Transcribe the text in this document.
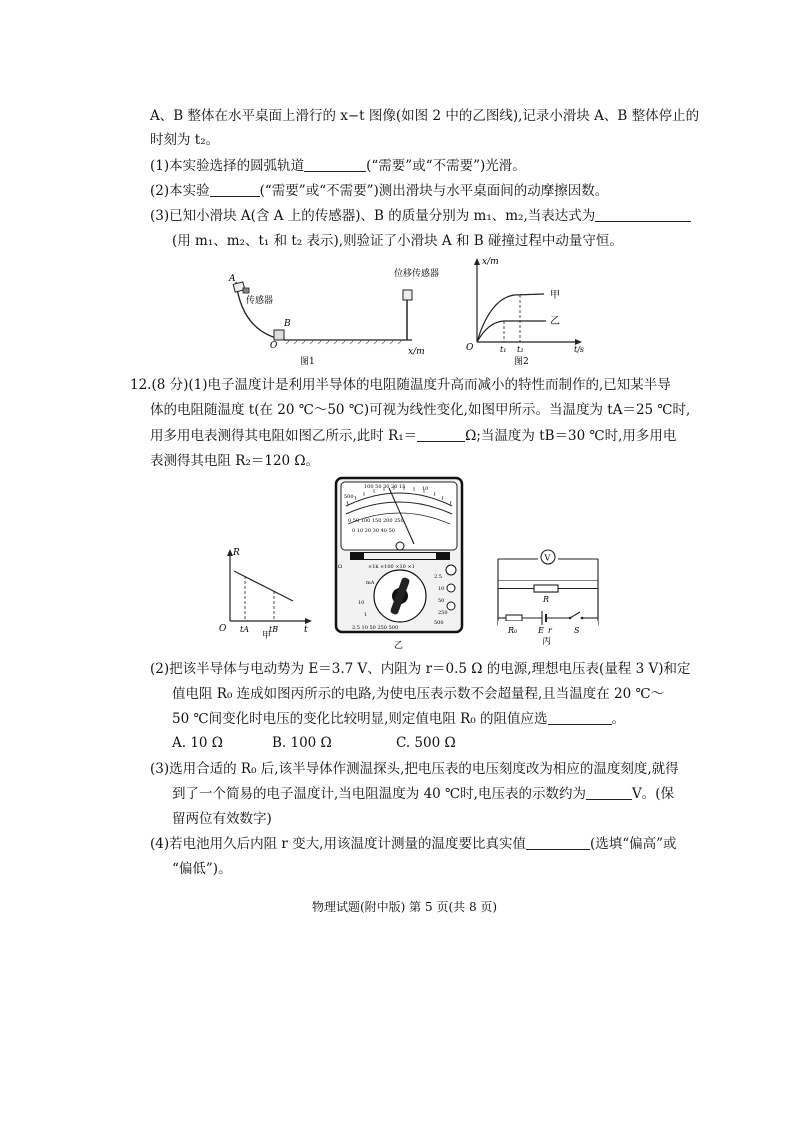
A、B 整体在水平桌面上滑行的 x−t 图像(如图 2 中的乙图线),记录小滑块 A、B 整体停止的
时刻为 t₂。
(1)本实验选择的圆弧轨道	(“需要”或“不需要”)光滑。
(2)本实验	(“需要”或“不需要”)测出滑块与水平桌面间的动摩擦因数。
(3)已知小滑块 A(含 A 上的传感器)、B 的质量分别为 m₁、m₂,当表达式为
(用 m₁、m₂、t₁ 和 t₂ 表示),则验证了小滑块 A 和 B 碰撞过程中动量守恒。
A
传感器
B
O
位移传感器
x/m
图1
x/m
甲
乙
O	t₁ t₂	t/s
图2
12.(8 分)(1)电子温度计是利用半导体的电阻随温度升高而减小的特性而制作的,已知某半导
体的电阻随温度 t(在 20 ℃～50 ℃)可视为线性变化,如图甲所示。当温度为 tA＝25 ℃时,
用多用电表测得其电阻如图乙所示,此时 R₁＝	Ω;当温度为 tB＝30 ℃时,用多用电
表测得其电阻 R₂＝120 Ω。
R
O tA	tB	t
甲
500
100 50 30 20 15	10
0 50 100 150 200 250
0 10 20 30 40 50
Ω	×1k ×100 ×10 ×1
mA
10
1
2.5
10
50
250
500
2.5 10 50 250 500
乙
V
R
R₀	E r	S
丙
(2)把该半导体与电动势为 E＝3.7 V、内阻为 r＝0.5 Ω 的电源,理想电压表(量程 3 V)和定
值电阻 R₀ 连成如图丙所示的电路,为使电压表示数不会超量程,且当温度在 20 ℃～
50 ℃间变化时电压的变化比较明显,则定值电阻 R₀ 的阻值应选	。
A. 10 Ω	B. 100 Ω	C. 500 Ω
(3)选用合适的 R₀ 后,该半导体作测温探头,把电压表的电压刻度改为相应的温度刻度,就得
到了一个简易的电子温度计,当电阻温度为 40 ℃时,电压表的示数约为	V。(保
留两位有效数字)
(4)若电池用久后内阻 r 变大,用该温度计测量的温度要比真实值	(选填“偏高”或
“偏低”)。
物理试题(附中版) 第 5 页(共 8 页)
